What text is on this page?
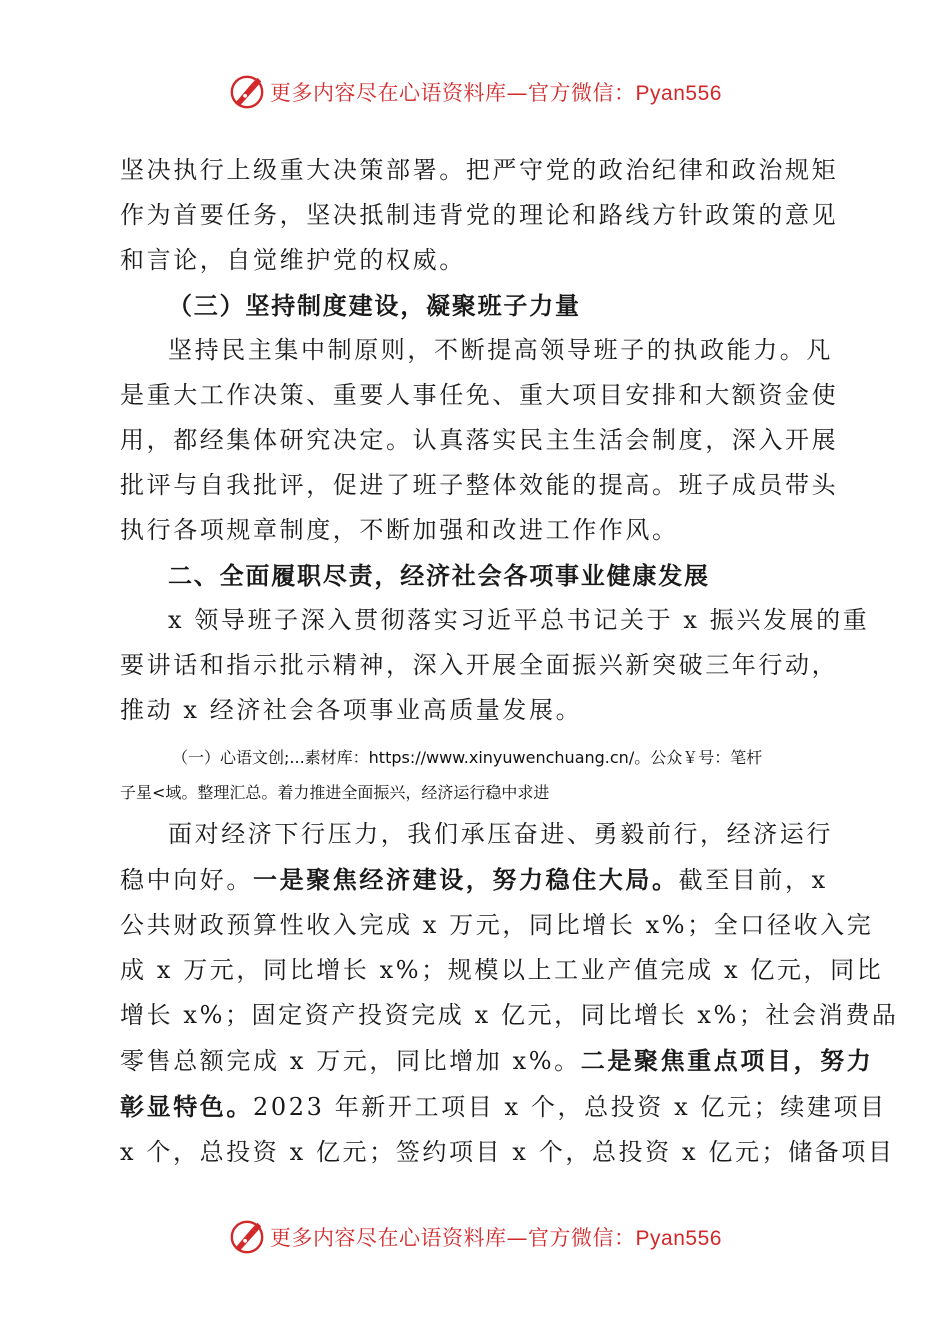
更多内容尽在心语资料库—官方微信：Pyan556

坚决执行上级重大决策部署。把严守党的政治纪律和政治规矩

作为首要任务，坚决抵制违背党的理论和路线方针政策的意见

和言论，自觉维护党的权威。

（三）坚持制度建设，凝聚班子力量

坚持民主集中制原则，不断提高领导班子的执政能力。凡

是重大工作决策、重要人事任免、重大项目安排和大额资金使

用，都经集体研究决定。认真落实民主生活会制度，深入开展

批评与自我批评，促进了班子整体效能的提高。班子成员带头

执行各项规章制度，不断加强和改进工作作风。

二、全面履职尽责，经济社会各项事业健康发展

x 领导班子深入贯彻落实习近平总书记关于 x 振兴发展的重

要讲话和指示批示精神，深入开展全面振兴新突破三年行动，

推动 x 经济社会各项事业高质量发展。

（一）心语文创;...素材库：https://www.xinyuwenchuang.cn/。公众￥号：笔杆
子星<域。整理汇总。着力推进全面振兴，经济运行稳中求进

面对经济下行压力，我们承压奋进、勇毅前行，经济运行

稳中向好。一是聚焦经济建设，努力稳住大局。截至目前，x

公共财政预算性收入完成 x 万元，同比增长 x%；全口径收入完

成 x 万元，同比增长 x%；规模以上工业产值完成 x 亿元，同比

增长 x%；固定资产投资完成 x 亿元，同比增长 x%；社会消费品

零售总额完成 x 万元，同比增加 x%。二是聚焦重点项目，努力

彰显特色。2023 年新开工项目 x 个，总投资 x 亿元；续建项目

x 个，总投资 x 亿元；签约项目 x 个，总投资 x 亿元；储备项目

更多内容尽在心语资料库—官方微信：Pyan556
